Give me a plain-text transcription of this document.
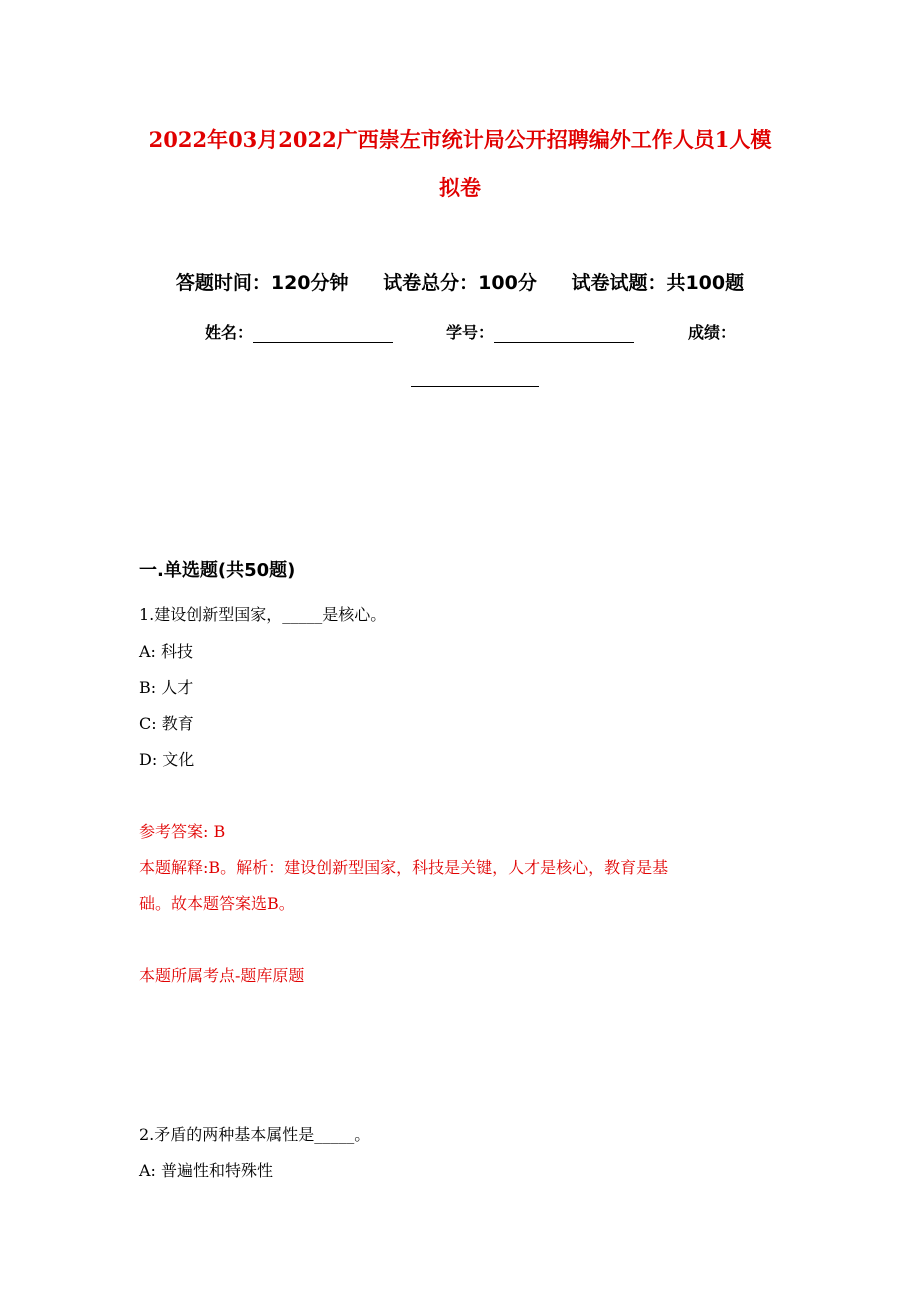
2022年03月2022广西崇左市统计局公开招聘编外工作人员1人模
拟卷
答题时间：120分钟 试卷总分：100分 试卷试题：共100题
姓名：	学号：	成绩：
一.单选题(共50题)
1.建设创新型国家，_____是核心。
A: 科技
B: 人才
C: 教育
D: 文化
参考答案: B
本题解释:B。解析：建设创新型国家，科技是关键，人才是核心，教育是基
础。故本题答案选B。
本题所属考点-题库原题
2.矛盾的两种基本属性是_____。
A: 普遍性和特殊性
